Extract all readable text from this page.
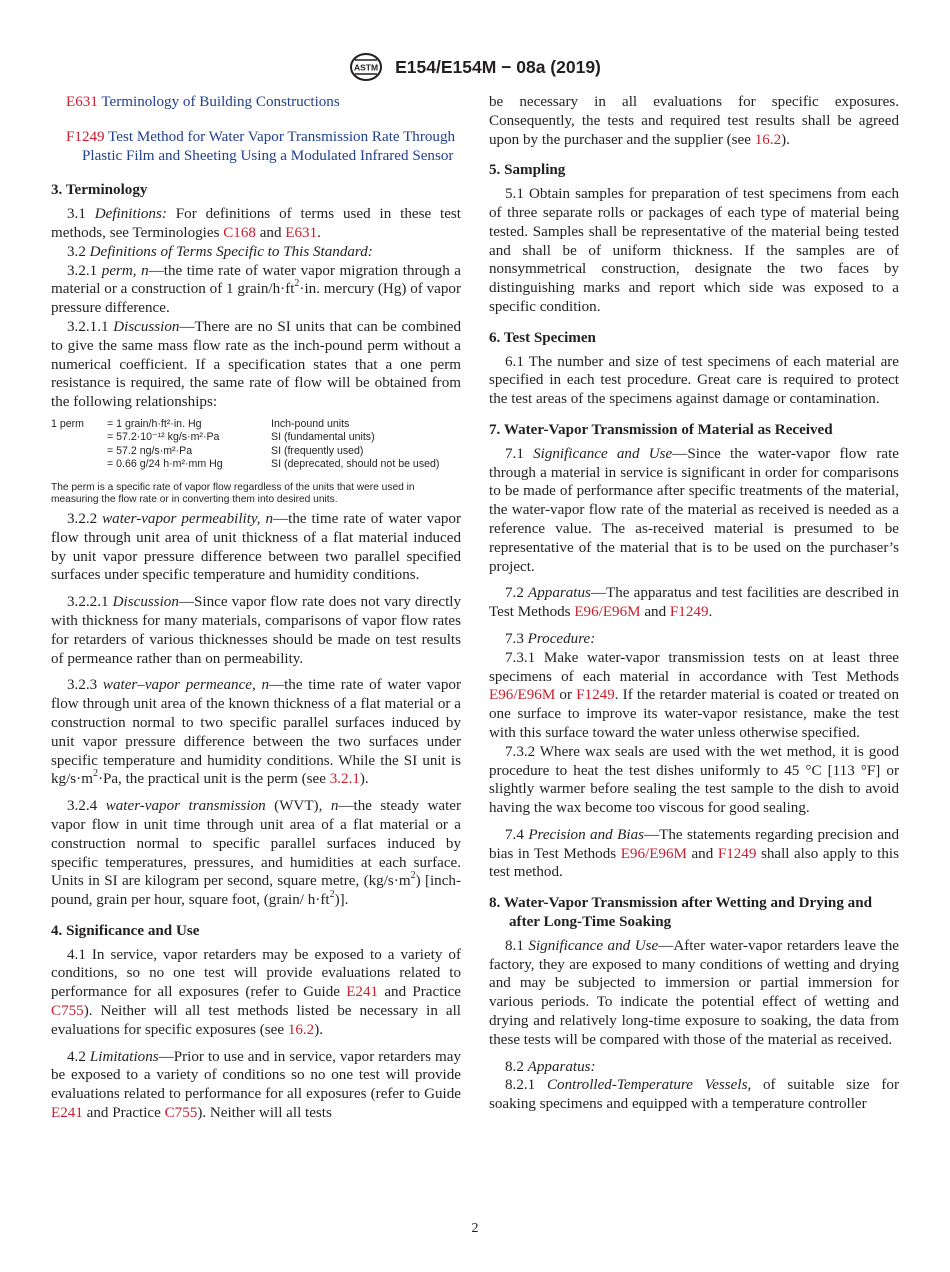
ASTM E154/E154M − 08a (2019)

E631 Terminology of Building Constructions

F1249 Test Method for Water Vapor Transmission Rate Through Plastic Film and Sheeting Using a Modulated Infrared Sensor

3. Terminology

3.1 Definitions: For definitions of terms used in these test methods, see Terminologies C168 and E631.

3.2 Definitions of Terms Specific to This Standard:

3.2.1 perm, n—the time rate of water vapor migration through a material or a construction of 1 grain/$h\cdot ft^2\cdot in$. mercury (Hg) of vapor pressure difference.

3.2.1.1 Discussion—There are no SI units that can be combined to give the same mass flow rate as the inch-pound perm without a numerical coefficient. If a specification states that a one perm resistance is required, the same rate of flow will be obtained from the following relationships:

1 perm	= 1 grain/h·ft²·in. Hg	Inch-pound units
	= 57.2·10⁻¹² kg/s·m²·Pa	SI (fundamental units)
	= 57.2 ng/s·m²·Pa	SI (frequently used)
	= 0.66 g/24 h·m²·mm Hg	SI (deprecated, should not be used)

The perm is a specific rate of vapor flow regardless of the units that were used in measuring the flow rate or in converting them into desired units.

3.2.2 water-vapor permeability, n—the time rate of water vapor flow through unit area of unit thickness of a flat material induced by unit vapor pressure difference between two parallel specified surfaces under specific temperature and humidity conditions.

3.2.2.1 Discussion—Since vapor flow rate does not vary directly with thickness for many materials, comparisons of vapor flow rates for retarders of various thicknesses should be made on test results of permeance rather than on permeability.

3.2.3 water–vapor permeance, n—the time rate of water vapor flow through unit area of the known thickness of a flat material or a construction normal to two specific parallel surfaces induced by unit vapor pressure difference between the two surfaces under specific temperature and humidity conditions. While the SI unit is $kg/s\cdot m^2\cdot Pa$, the practical unit is the perm (see 3.2.1).

3.2.4 water-vapor transmission (WVT), n—the steady water vapor flow in unit time through unit area of a flat material or a construction normal to specific parallel surfaces induced by specific temperatures, pressures, and humidities at each surface. Units in SI are kilogram per second, square metre, $(kg/s\cdot m^2)$ [inch-pound, grain per hour, square foot, (grain/ $h\cdot ft^2$)].

4. Significance and Use

4.1 In service, vapor retarders may be exposed to a variety of conditions, so no one test will provide evaluations related to performance for all exposures (refer to Guide E241 and Practice C755). Neither will all test methods listed be necessary in all evaluations for specific exposures (see 16.2).

4.2 Limitations—Prior to use and in service, vapor retarders may be exposed to a variety of conditions so no one test will provide evaluations related to performance for all exposures (refer to Guide E241 and Practice C755). Neither will all tests

be necessary in all evaluations for specific exposures. Consequently, the tests and required test results shall be agreed upon by the purchaser and the supplier (see 16.2).

5. Sampling

5.1 Obtain samples for preparation of test specimens from each of three separate rolls or packages of each type of material being tested. Samples shall be representative of the material being tested and shall be of uniform thickness. If the samples are of nonsymmetrical construction, designate the two faces by distinguishing marks and report which side was exposed to a specific condition.

6. Test Specimen

6.1 The number and size of test specimens of each material are specified in each test procedure. Great care is required to protect the test areas of the specimens against damage or contamination.

7. Water-Vapor Transmission of Material as Received

7.1 Significance and Use—Since the water-vapor flow rate through a material in service is significant in order for comparisons to be made of performance after specific treatments of the material, the water-vapor flow rate of the material as received is needed as a reference value. The as-received material is presumed to be representative of the material that is to be used on the purchaser’s project.

7.2 Apparatus—The apparatus and test facilities are described in Test Methods E96/E96M and F1249.

7.3 Procedure:

7.3.1 Make water-vapor transmission tests on at least three specimens of each material in accordance with Test Methods E96/E96M or F1249. If the retarder material is coated or treated on one surface to improve its water-vapor resistance, make the test with this surface toward the water unless otherwise specified.

7.3.2 Where wax seals are used with the wet method, it is good procedure to heat the test dishes uniformly to 45 °C [113 °F] or slightly warmer before sealing the test sample to the dish to avoid having the wax become too viscous for good sealing.

7.4 Precision and Bias—The statements regarding precision and bias in Test Methods E96/E96M and F1249 shall also apply to this test method.

8. Water-Vapor Transmission after Wetting and Drying and after Long-Time Soaking

8.1 Significance and Use—After water-vapor retarders leave the factory, they are exposed to many conditions of wetting and drying and may be subjected to immersion or partial immersion for various periods. To indicate the potential effect of wetting and drying and relatively long-time exposure to soaking, the data from these tests will be compared with those of the material as received.

8.2 Apparatus:

8.2.1 Controlled-Temperature Vessels, of suitable size for soaking specimens and equipped with a temperature controller

2
